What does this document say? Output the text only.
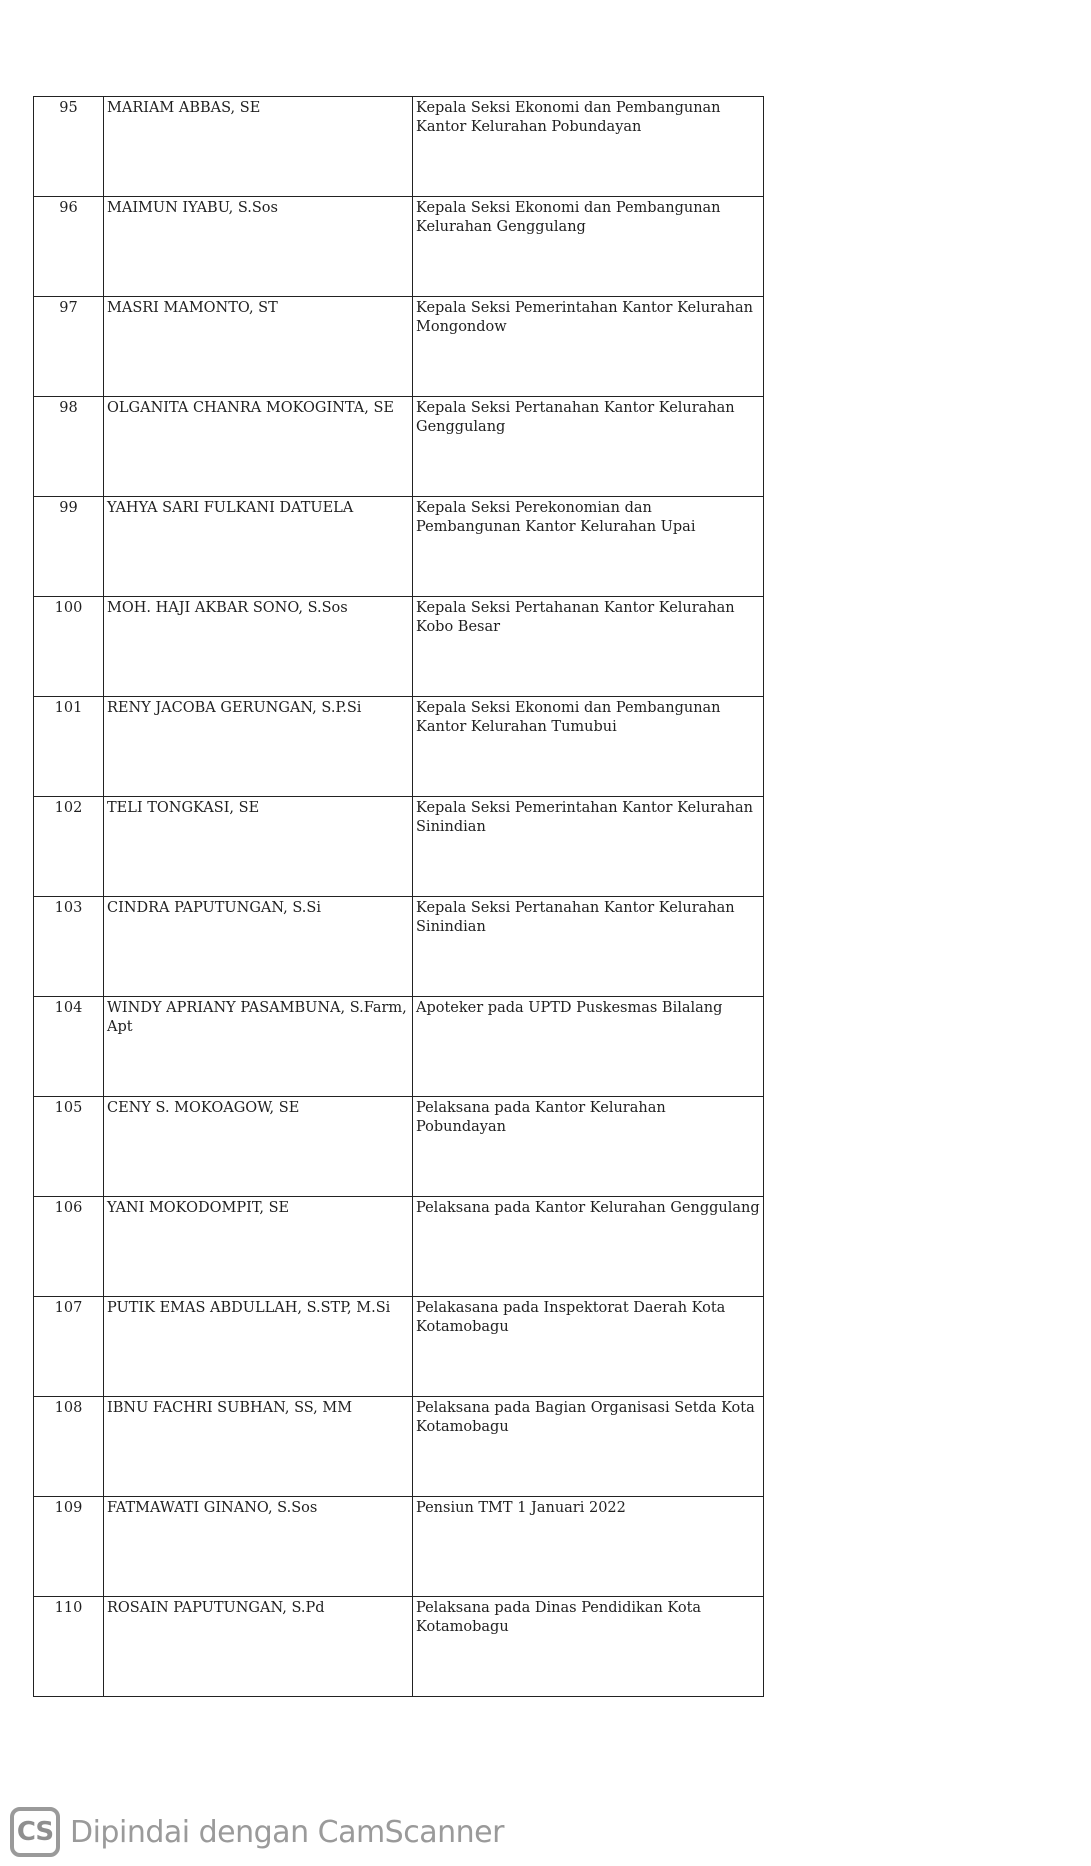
95	MARIAM ABBAS, SE	Kepala Seksi Ekonomi dan Pembangunan Kantor Kelurahan Pobundayan
96	MAIMUN IYABU, S.Sos	Kepala Seksi Ekonomi dan Pembangunan Kelurahan Genggulang
97	MASRI MAMONTO, ST	Kepala Seksi Pemerintahan Kantor Kelurahan Mongondow
98	OLGANITA CHANRA MOKOGINTA, SE	Kepala Seksi Pertanahan Kantor Kelurahan Genggulang
99	YAHYA SARI FULKANI DATUELA	Kepala Seksi Perekonomian dan Pembangunan Kantor Kelurahan Upai
100	MOH. HAJI AKBAR SONO, S.Sos	Kepala Seksi Pertahanan Kantor Kelurahan Kobo Besar
101	RENY JACOBA GERUNGAN, S.P.Si	Kepala Seksi Ekonomi dan Pembangunan Kantor Kelurahan Tumubui
102	TELI TONGKASI, SE	Kepala Seksi Pemerintahan Kantor Kelurahan Sinindian
103	CINDRA PAPUTUNGAN, S.Si	Kepala Seksi Pertanahan Kantor Kelurahan Sinindian
104	WINDY APRIANY PASAMBUNA, S.Farm, Apt	Apoteker pada UPTD Puskesmas Bilalang
105	CENY S. MOKOAGOW, SE	Pelaksana pada Kantor Kelurahan Pobundayan
106	YANI MOKODOMPIT, SE	Pelaksana pada Kantor Kelurahan Genggulang
107	PUTIK EMAS ABDULLAH, S.STP, M.Si	Pelakasana pada Inspektorat Daerah Kota Kotamobagu
108	IBNU FACHRI SUBHAN, SS, MM	Pelaksana pada Bagian Organisasi Setda Kota Kotamobagu
109	FATMAWATI GINANO, S.Sos	Pensiun TMT 1 Januari 2022
110	ROSAIN PAPUTUNGAN, S.Pd	Pelaksana pada Dinas Pendidikan Kota Kotamobagu
CS Dipindai dengan CamScanner
